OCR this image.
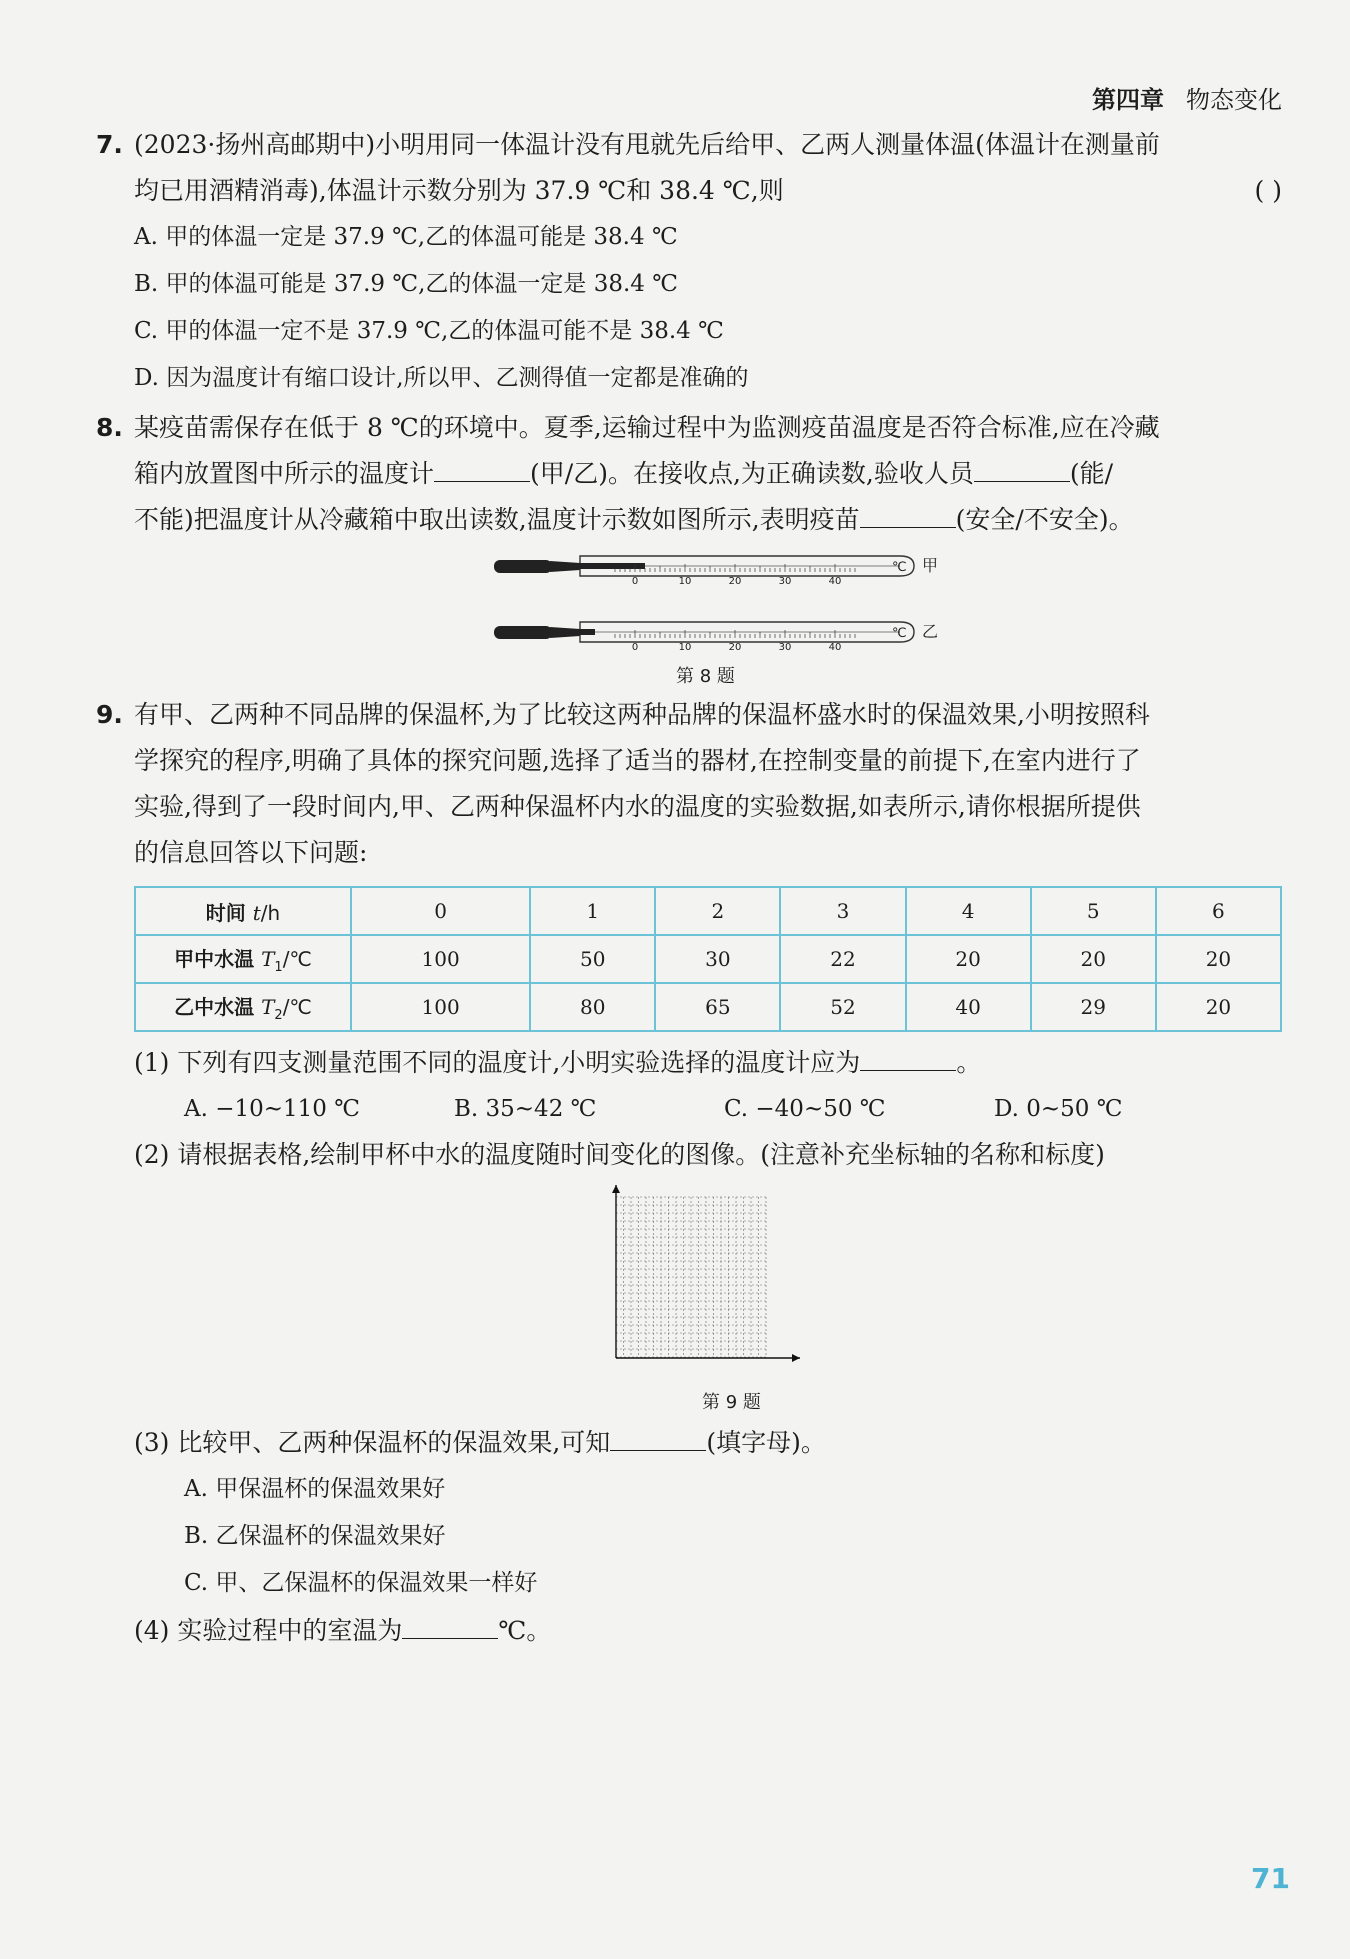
第四章 物态变化
7. (2023·扬州高邮期中)小明用同一体温计没有甩就先后给甲、乙两人测量体温(体温计在测量前
均已用酒精消毒),体温计示数分别为 37.9 ℃和 38.4 ℃,则	( )
A. 甲的体温一定是 37.9 ℃,乙的体温可能是 38.4 ℃
B. 甲的体温可能是 37.9 ℃,乙的体温一定是 38.4 ℃
C. 甲的体温一定不是 37.9 ℃,乙的体温可能不是 38.4 ℃
D. 因为温度计有缩口设计,所以甲、乙测得值一定都是准确的
8. 某疫苗需保存在低于 8 ℃的环境中。夏季,运输过程中为监测疫苗温度是否符合标准,应在冷藏
箱内放置图中所示的温度计	(甲/乙)。在接收点,为正确读数,验收人员	(能/
不能)把温度计从冷藏箱中取出读数,温度计示数如图所示,表明疫苗	(安全/不安全)。
0	10	20	30	40
℃ 甲
0	10	20	30	40
℃ 乙
第 8 题
9. 有甲、乙两种不同品牌的保温杯,为了比较这两种品牌的保温杯盛水时的保温效果,小明按照科
学探究的程序,明确了具体的探究问题,选择了适当的器材,在控制变量的前提下,在室内进行了
实验,得到了一段时间内,甲、乙两种保温杯内水的温度的实验数据,如表所示,请你根据所提供
的信息回答以下问题:
时间 t/h	0	1	2	3	4	5	6
甲中水温 $T_1/℃$	100	50	30	22	20	20	20
乙中水温 $T_2/℃$	100	80	65	52	40	29	20
(1) 下列有四支测量范围不同的温度计,小明实验选择的温度计应为	。
A. −10~110 ℃	B. 35~42 ℃	C. −40~50 ℃	D. 0~50 ℃
(2) 请根据表格,绘制甲杯中水的温度随时间变化的图像。(注意补充坐标轴的名称和标度)
第 9 题
(3) 比较甲、乙两种保温杯的保温效果,可知	(填字母)。
A. 甲保温杯的保温效果好
B. 乙保温杯的保温效果好
C. 甲、乙保温杯的保温效果一样好
(4) 实验过程中的室温为	℃。
71
